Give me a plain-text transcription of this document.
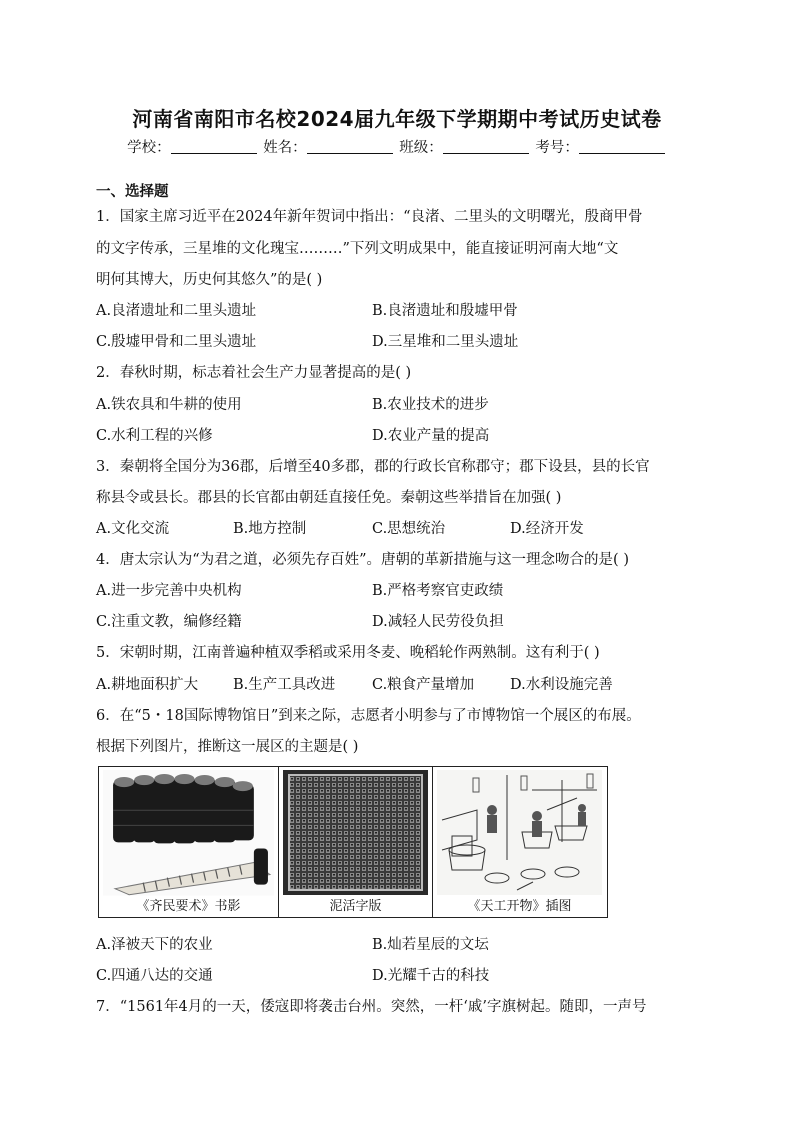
河南省南阳市名校2024届九年级下学期期中考试历史试卷
学校：	姓名：	班级：	考号：
一、选择题
1．国家主席习近平在2024年新年贺词中指出：“良渚、二里头的文明曙光，殷商甲骨
的文字传承，三星堆的文化瑰宝………”下列文明成果中，能直接证明河南大地“文
明何其博大，历史何其悠久”的是( )
A.良渚遗址和二里头遗址	B.良渚遗址和殷墟甲骨
C.殷墟甲骨和二里头遗址	D.三星堆和二里头遗址
2．春秋时期，标志着社会生产力显著提高的是( )
A.铁农具和牛耕的使用	B.农业技术的进步
C.水利工程的兴修	D.农业产量的提高
3．秦朝将全国分为36郡，后增至40多郡，郡的行政长官称郡守；郡下设县，县的长官
称县令或县长。郡县的长官都由朝廷直接任免。秦朝这些举措旨在加强( )
A.文化交流	B.地方控制	C.思想统治	D.经济开发
4．唐太宗认为“为君之道，必须先存百姓”。唐朝的革新措施与这一理念吻合的是( )
A.进一步完善中央机构	B.严格考察官吏政绩
C.注重文教，编修经籍	D.减轻人民劳役负担
5．宋朝时期，江南普遍种植双季稻或采用冬麦、晚稻轮作两熟制。这有利于( )
A.耕地面积扩大 B.生产工具改进	C.粮食产量增加 D.水利设施完善
6．在“5・18国际博物馆日”到来之际，志愿者小明参与了市博物馆一个展区的布展。
根据下列图片，推断这一展区的主题是( )
《齐民要术》书影	泥活字版	《天工开物》插图
A.泽被天下的农业	B.灿若星辰的文坛
C.四通八达的交通	D.光耀千古的科技
7．“1561年4月的一天，倭寇即将袭击台州。突然，一杆‘戚’字旗树起。随即，一声号
